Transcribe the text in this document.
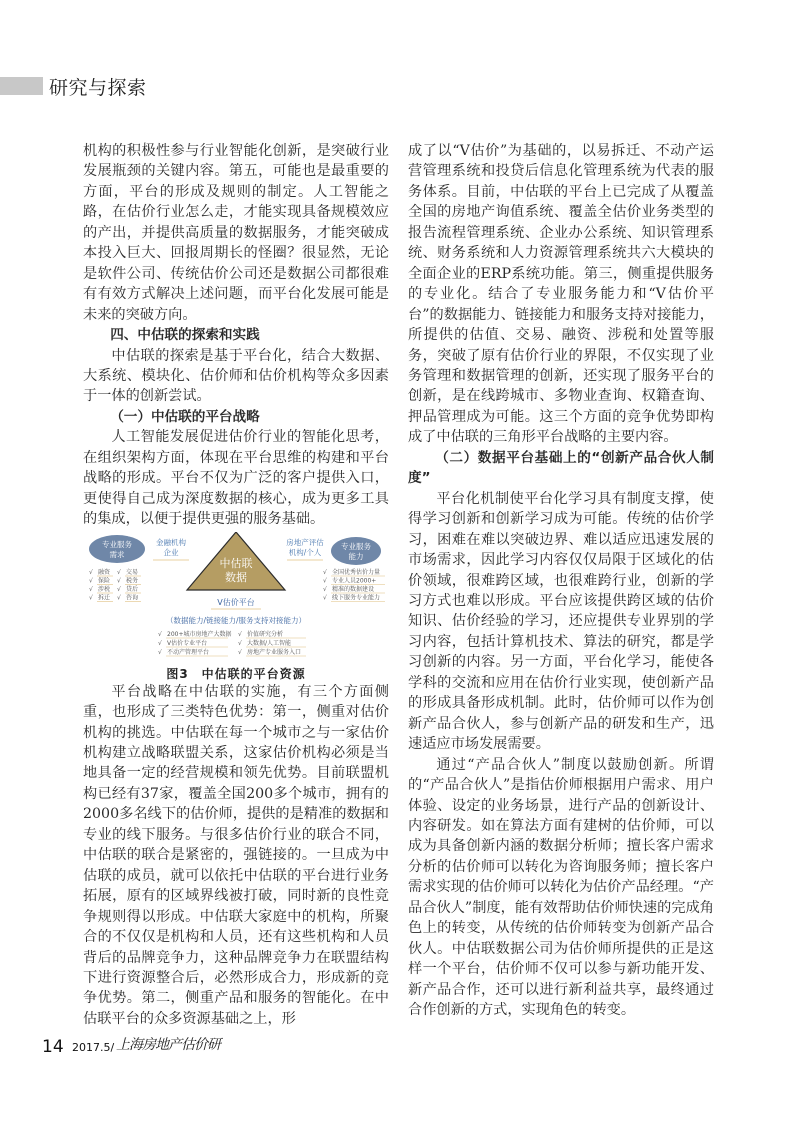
研究与探索

机构的积极性参与行业智能化创新，是突破行业发展瓶颈的关键内容。第五，可能也是最重要的方面，平台的形成及规则的制定。人工智能之路，在估价行业怎么走，才能实现具备规模效应的产出，并提供高质量的数据服务，才能突破成本投入巨大、回报周期长的怪圈？很显然，无论是软件公司、传统估价公司还是数据公司都很难有有效方式解决上述问题，而平台化发展可能是未来的突破方向。

四、中估联的探索和实践

中估联的探索是基于平台化，结合大数据、大系统、模块化、估价师和估价机构等众多因素于一体的创新尝试。

（一）中估联的平台战略

人工智能发展促进估价行业的智能化思考，在组织架构方面，体现在平台思维的构建和平台战略的形成。平台不仅为广泛的客户提供入口，更使得自己成为深度数据的核心，成为更多工具的集成，以便于提供更强的服务基础。

专业服务
需求
金融机构
企业
中估联
数据
V估价平台
房地产评估
机构/个人
专业服务
能力
√ 融资 √ 交易
√ 保险 √ 税务
√ 涉税 √ 贷后
√ 拆迁 √ 咨询
√ 全国优秀估价力量
√ 专业人员2000+
√ 精准的数据建设
√ 线下服务专业能力
（数据能力/链接能力/服务支持对接能力）
√ 200+城市房地产大数据
√ V估价专业平台
√ 不动产管理平台
√ 价值研究分析
√ 大数据/人工智能
√ 房地产专业服务入口
图3　中估联的平台资源

平台战略在中估联的实施，有三个方面侧重，也形成了三类特色优势：第一，侧重对估价机构的挑选。中估联在每一个城市之与一家估价机构建立战略联盟关系，这家估价机构必须是当地具备一定的经营规模和领先优势。目前联盟机构已经有37家，覆盖全国200多个城市，拥有的2000多名线下的估价师，提供的是精准的数据和专业的线下服务。与很多估价行业的联合不同，中估联的联合是紧密的，强链接的。一旦成为中估联的成员，就可以依托中估联的平台进行业务拓展，原有的区域界线被打破，同时新的良性竞争规则得以形成。中估联大家庭中的机构，所聚合的不仅仅是机构和人员，还有这些机构和人员背后的品牌竞争力，这种品牌竞争力在联盟结构下进行资源整合后，必然形成合力，形成新的竞争优势。第二，侧重产品和服务的智能化。在中估联平台的众多资源基础之上，形

成了以“V估价”为基础的，以易拆迁、不动产运营管理系统和投贷后信息化管理系统为代表的服务体系。目前，中估联的平台上已完成了从覆盖全国的房地产询值系统、覆盖全估价业务类型的报告流程管理系统、企业办公系统、知识管理系统、财务系统和人力资源管理系统共六大模块的全面企业的ERP系统功能。第三，侧重提供服务的专业化。结合了专业服务能力和“V估价平台”的数据能力、链接能力和服务支持对接能力，所提供的估值、交易、融资、涉税和处置等服务，突破了原有估价行业的界限，不仅实现了业务管理和数据管理的创新，还实现了服务平台的创新，是在线跨城市、多物业查询、权籍查询、押品管理成为可能。这三个方面的竞争优势即构成了中估联的三角形平台战略的主要内容。

（二）数据平台基础上的“创新产品合伙人制度”

平台化机制使平台化学习具有制度支撑，使得学习创新和创新学习成为可能。传统的估价学习，困难在难以突破边界、难以适应迅速发展的市场需求，因此学习内容仅仅局限于区域化的估价领域，很难跨区域，也很难跨行业，创新的学习方式也难以形成。平台应该提供跨区域的估价知识、估价经验的学习，还应提供专业界别的学习内容，包括计算机技术、算法的研究，都是学习创新的内容。另一方面，平台化学习，能使各学科的交流和应用在估价行业实现，使创新产品的形成具备形成机制。此时，估价师可以作为创新产品合伙人，参与创新产品的研发和生产，迅速适应市场发展需要。

通过“产品合伙人”制度以鼓励创新。所谓的“产品合伙人”是指估价师根据用户需求、用户体验、设定的业务场景，进行产品的创新设计、内容研发。如在算法方面有建树的估价师，可以成为具备创新内涵的数据分析师；擅长客户需求分析的估价师可以转化为咨询服务师；擅长客户需求实现的估价师可以转化为估价产品经理。“产品合伙人”制度，能有效帮助估价师快速的完成角色上的转变，从传统的估价师转变为创新产品合伙人。中估联数据公司为估价师所提供的正是这样一个平台，估价师不仅可以参与新功能开发、新产品合作，还可以进行新利益共享，最终通过合作创新的方式，实现角色的转变。

14 2017.5/ 上海房地产估价研
